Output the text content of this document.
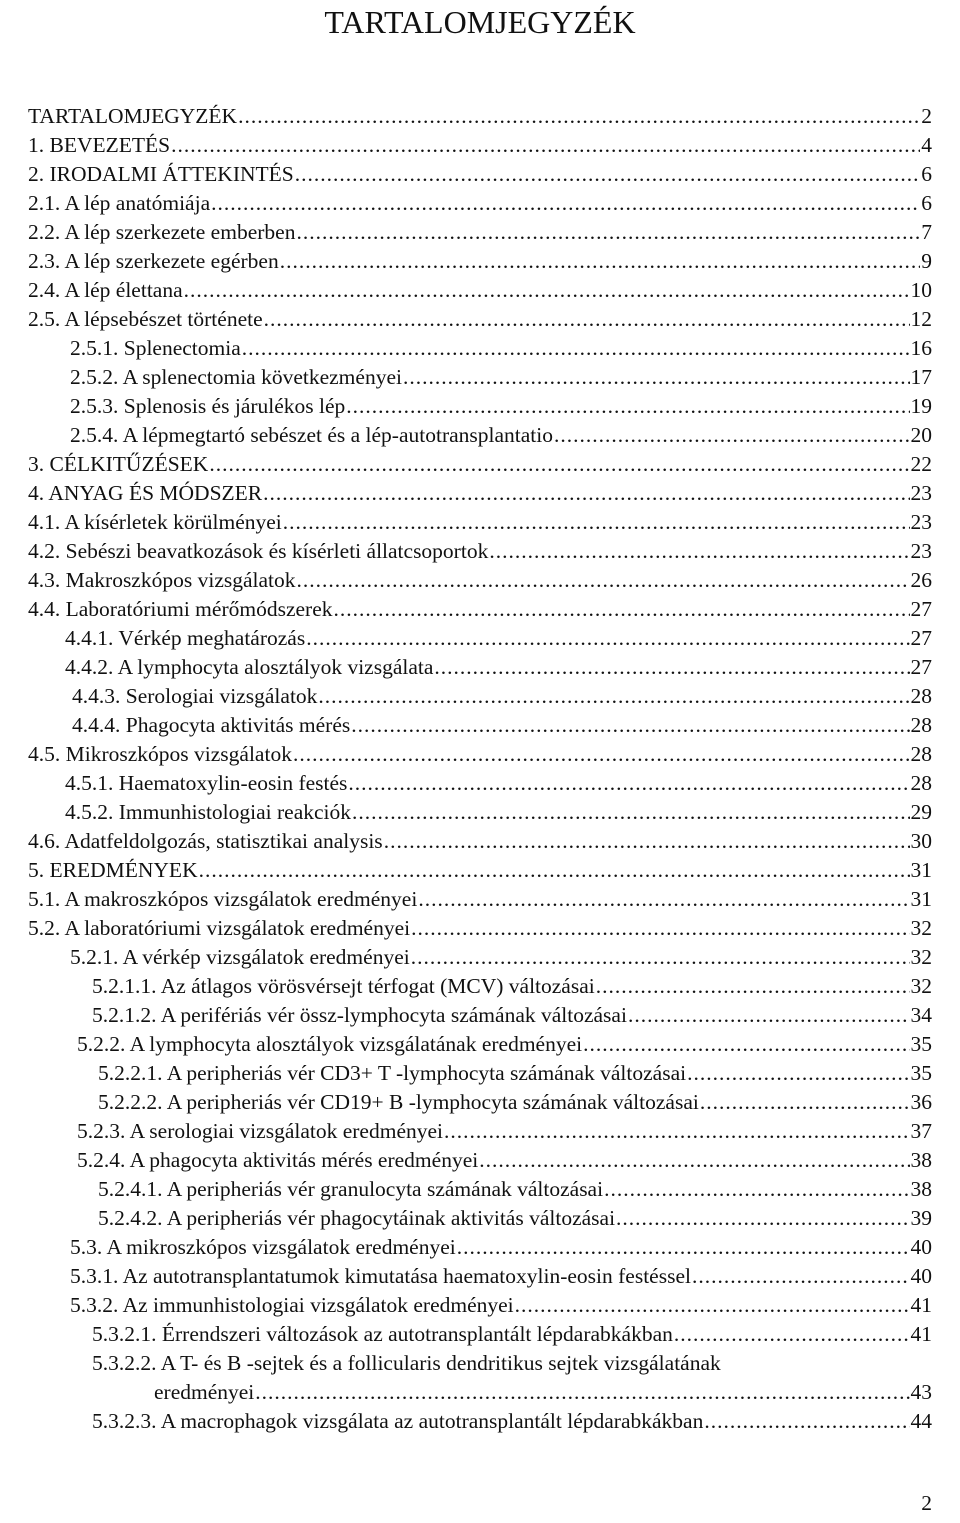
TARTALOMJEGYZÉK
TARTALOMJEGYZÉK .....	2
1. BEVEZETÉS .....	4
2. IRODALMI ÁTTEKINTÉS .....	6
2.1. A lép anatómiája .....	6
2.2. A lép szerkezete emberben .....	7
2.3. A lép szerkezete egérben .....	9
2.4. A lép élettana .....	10
2.5. A lépsebészet története .....	12
2.5.1. Splenectomia .....	16
2.5.2. A splenectomia következményei .....	17
2.5.3. Splenosis és járulékos lép .....	19
2.5.4. A lépmegtartó sebészet és a lép-autotransplantatio .....	20
3. CÉLKITŰZÉSEK .....	22
4. ANYAG ÉS MÓDSZER .....	23
4.1. A kísérletek körülményei .....	23
4.2. Sebészi beavatkozások és kísérleti állatcsoportok .....	23
4.3. Makroszkópos vizsgálatok .....	26
4.4. Laboratóriumi mérőmódszerek .....	27
4.4.1. Vérkép meghatározás .....	27
4.4.2. A lymphocyta alosztályok vizsgálata .....	27
4.4.3. Serologiai vizsgálatok .....	28
4.4.4. Phagocyta aktivitás mérés .....	28
4.5. Mikroszkópos vizsgálatok .....	28
4.5.1. Haematoxylin-eosin festés .....	28
4.5.2. Immunhistologiai reakciók .....	29
4.6. Adatfeldolgozás, statisztikai analysis .....	30
5. EREDMÉNYEK .....	31
5.1. A makroszkópos vizsgálatok eredményei .....	31
5.2. A laboratóriumi vizsgálatok eredményei .....	32
5.2.1. A vérkép vizsgálatok eredményei .....	32
5.2.1.1. Az átlagos vörösvérsejt térfogat (MCV) változásai .....	32
5.2.1.2. A perifériás vér össz-lymphocyta számának változásai .....	34
5.2.2. A lymphocyta alosztályok vizsgálatának eredményei .....	35
5.2.2.1. A peripheriás vér CD3+ T -lymphocyta számának változásai .....	35
5.2.2.2. A peripheriás vér CD19+ B -lymphocyta számának változásai .....	36
5.2.3. A serologiai vizsgálatok eredményei .....	37
5.2.4. A phagocyta aktivitás mérés eredményei .....	38
5.2.4.1. A peripheriás vér granulocyta számának változásai .....	38
5.2.4.2. A peripheriás vér phagocytáinak aktivitás változásai .....	39
5.3. A mikroszkópos vizsgálatok eredményei .....	40
5.3.1. Az autotransplantatumok kimutatása haematoxylin-eosin festéssel .....	40
5.3.2. Az immunhistologiai vizsgálatok eredményei .....	41
5.3.2.1. Érrendszeri változások az autotransplantált lépdarabkákban .....	41
5.3.2.2. A T- és B -sejtek és a follicularis dendritikus sejtek vizsgálatának
eredményei .....	43
5.3.2.3. A macrophagok vizsgálata az autotransplantált lépdarabkákban .....	44
2
